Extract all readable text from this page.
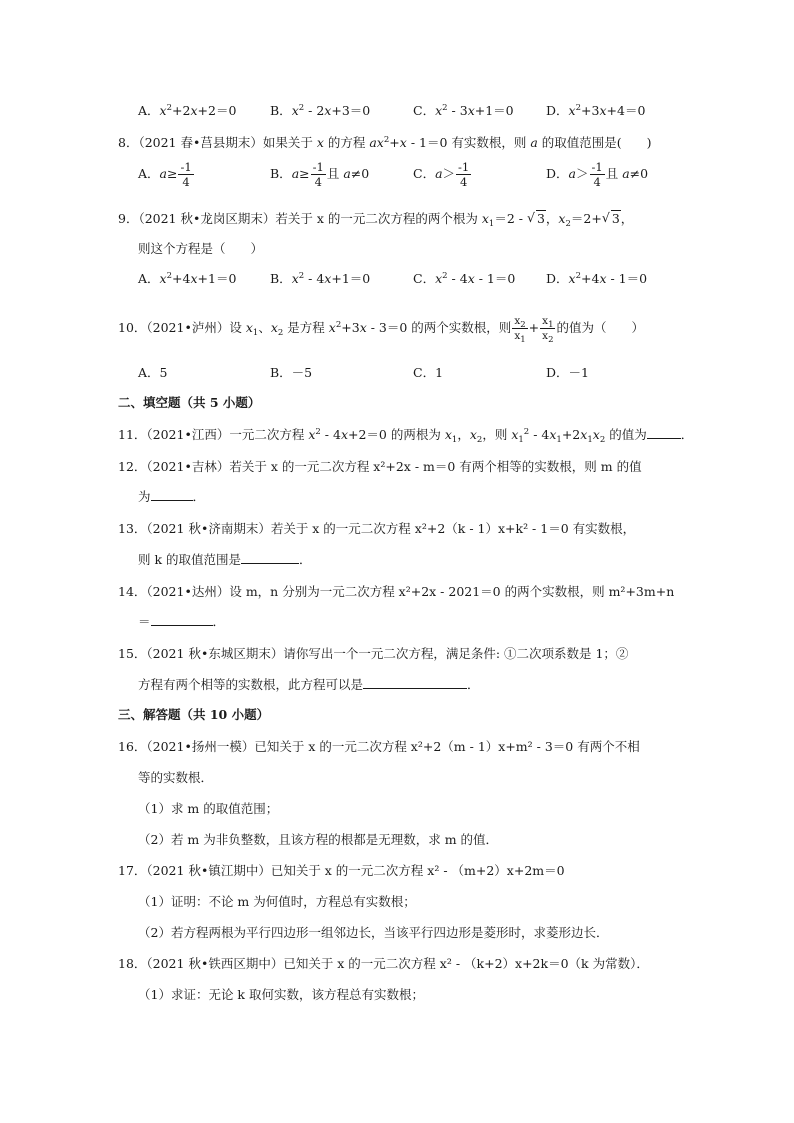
A．$x^2+2x+2=0$	B．$x^2 - 2x+3=0$	C．$x^2 - 3x+1=0$	D．$x^2+3x+4=0$
8．（2021 春•莒县期末）如果关于 x 的方程 $ax^2+x - 1=0$ 有实数根，则 a 的取值范围是(　　)
A．$a\ge \frac{-1}{4}$	B．$a\ge \frac{-1}{4}$ 且 a≠0	C．$a> \frac{-1}{4}$	D．$a> \frac{-1}{4}$ 且 a≠0
9．（2021 秋•龙岗区期末）若关于 x 的一元二次方程的两个根为 $x_1=2$ - √ 3，$x_2=2+√$ 3，
则这个方程是（　　）
A．$x^2+4x+1=0$	B．$x^2 - 4x+1=0$	C．$x^2 - 4x - 1=0$ D．$x^2+4x - 1=0$
10．（2021•泸州）设 $x_1$、$x_2$ 是方程 $x^2+3x - 3=0$ 的两个实数根，则 $\frac{x_2}{x_1} + \frac{x_1}{x_2}$ 的值为（　　）
A．5	B．－5	C．1	D．－1
二、填空题（共 5 小题）
11．（2021•江西）一元二次方程 $x^2 - 4x+2=0$ 的两根为 $x_1$，$x_2$，则 $x_1^2 - 4x_1+2x_1x_2$ 的值为	．
12．（2021•吉林）若关于 x 的一元二次方程 x²+2x - m＝0 有两个相等的实数根，则 m 的值
为	．
13．（2021 秋•济南期末）若关于 x 的一元二次方程 x²+2（k - 1）x+k² - 1＝0 有实数根，
则 k 的取值范围是	．
14．（2021•达州）设 m，n 分别为一元二次方程 x²+2x - 2021＝0 的两个实数根，则 m²+3m+n
＝	．
15．（2021 秋•东城区期末）请你写出一个一元二次方程，满足条件: ①二次项系数是 1；②
方程有两个相等的实数根，此方程可以是	．
三、解答题（共 10 小题）
16．（2021•扬州一模）已知关于 x 的一元二次方程 x²+2（m - 1）x+m² - 3＝0 有两个不相
等的实数根．
（1）求 m 的取值范围；
（2）若 m 为非负整数，且该方程的根都是无理数，求 m 的值．
17．（2021 秋•镇江期中）已知关于 x 的一元二次方程 x² - （m+2）x+2m＝0
（1）证明：不论 m 为何值时，方程总有实数根；
（2）若方程两根为平行四边形一组邻边长，当该平行四边形是菱形时，求菱形边长．
18．（2021 秋•铁西区期中）已知关于 x 的一元二次方程 x² - （k+2）x+2k＝0（k 为常数）．
（1）求证：无论 k 取何实数，该方程总有实数根；
